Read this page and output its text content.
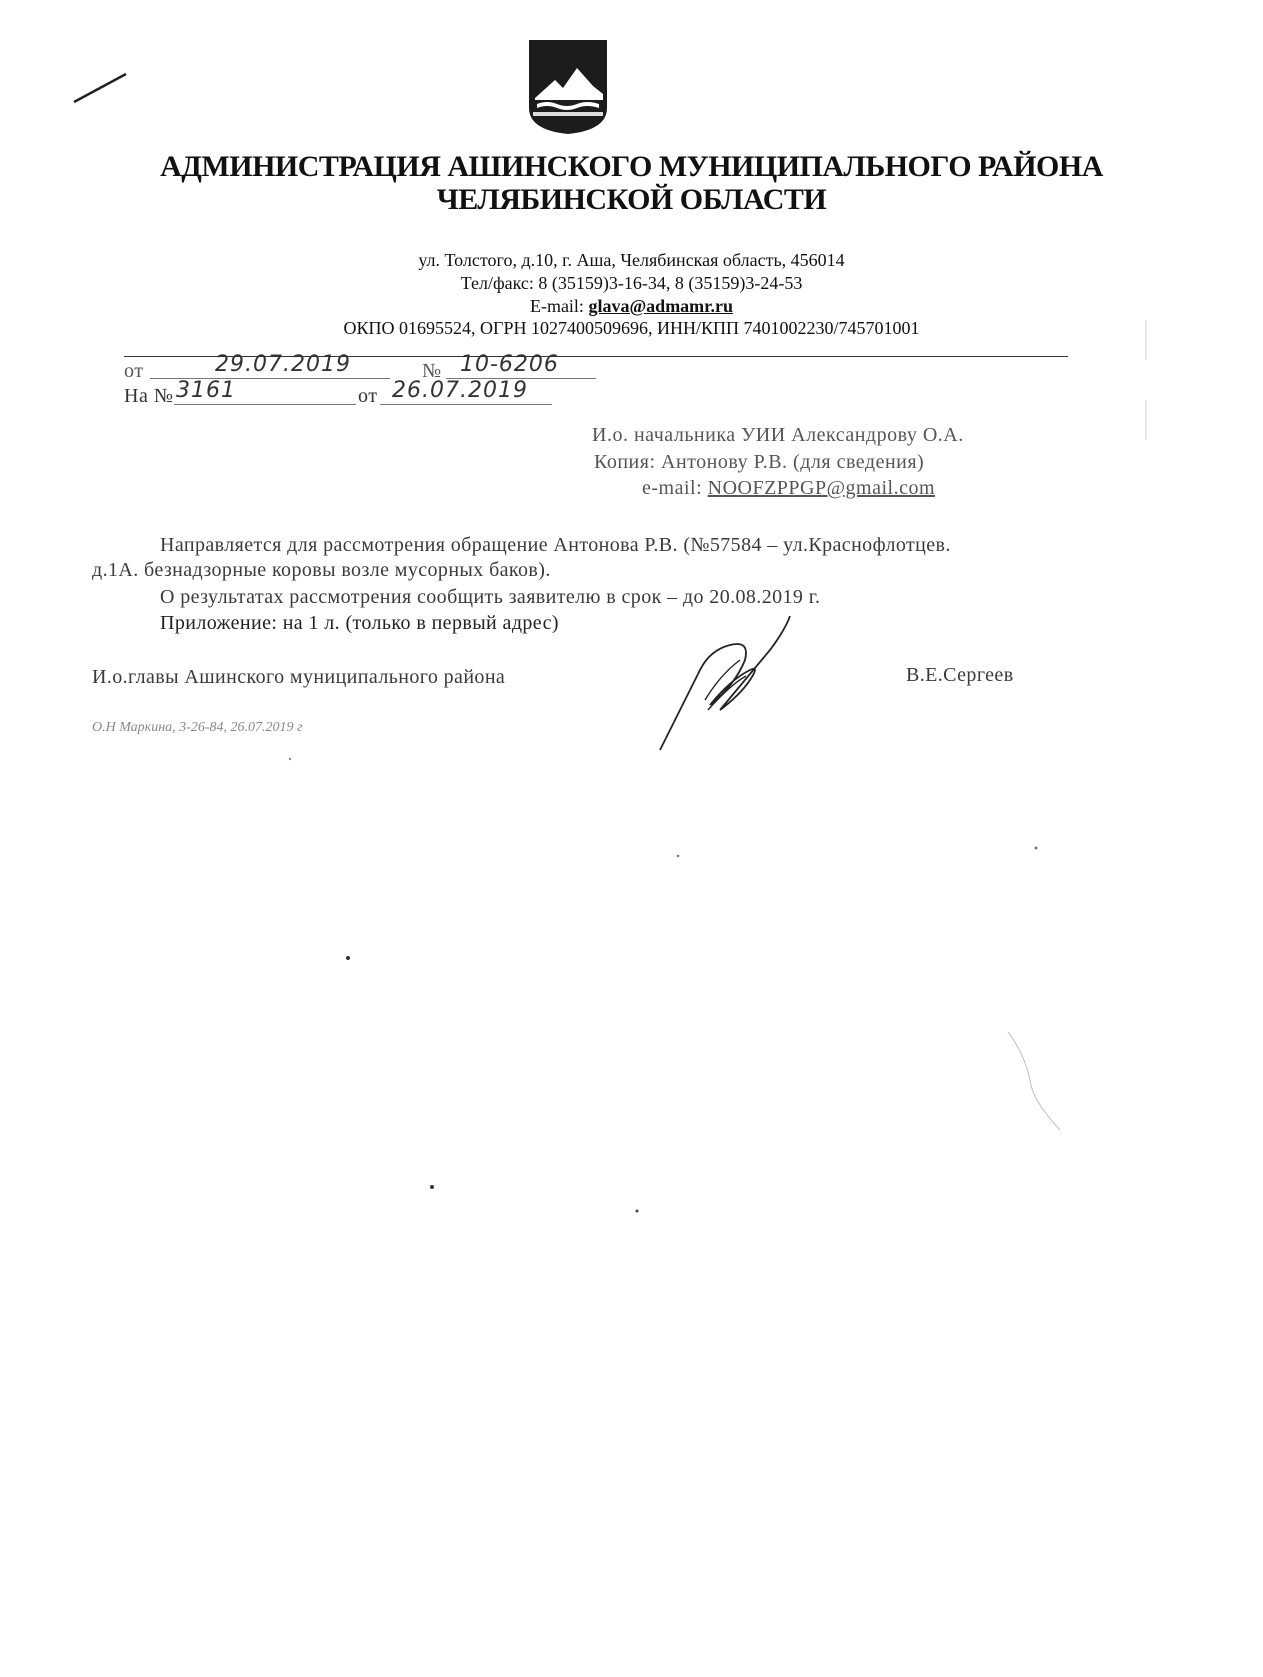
АДМИНИСТРАЦИЯ АШИНСКОГО МУНИЦИПАЛЬНОГО РАЙОНА
ЧЕЛЯБИНСКОЙ ОБЛАСТИ
ул. Толстого, д.10, г. Аша, Челябинская область, 456014
Тел/факс: 8 (35159)3-16-34, 8 (35159)3-24-53
E-mail: glava@admamr.ru
ОКПО 01695524, ОГРН 1027400509696, ИНН/КПП 7401002230/745701001
от	29.07.2019	№ 10-6206
На № 3161	от 26.07.2019
И.о. начальника УИИ Александрову О.А.
Копия: Антонову Р.В. (для сведения)
e-mail: NOOFZPPGP@gmail.com
Направляется для рассмотрения обращение Антонова Р.В. (№57584 – ул.Краснофлотцев.
д.1А. безнадзорные коровы возле мусорных баков).
О результатах рассмотрения сообщить заявителю в срок – до 20.08.2019 г.
Приложение: на 1 л. (только в первый адрес)
И.о.главы Ашинского муниципального района	В.Е.Сергеев
О.Н Маркина, 3-26-84, 26.07.2019 г
